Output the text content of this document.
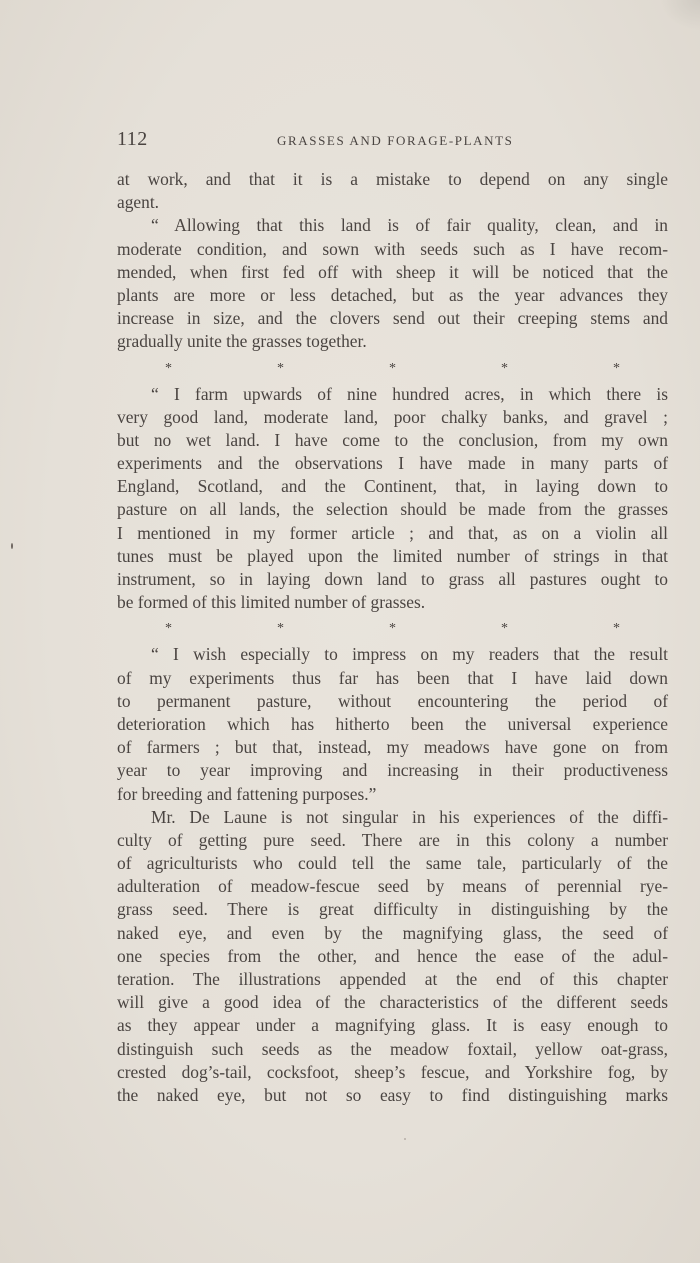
112	GRASSES AND FORAGE-PLANTS
at work, and that it is a mistake to depend on any single
agent.
“ Allowing that this land is of fair quality, clean, and in
moderate condition, and sown with seeds such as I have recom-
mended, when first fed off with sheep it will be noticed that the
plants are more or less detached, but as the year advances they
increase in size, and the clovers send out their creeping stems and
gradually unite the grasses together.
*	*	*	*	*
“ I farm upwards of nine hundred acres, in which there is
very good land, moderate land, poor chalky banks, and gravel ;
but no wet land. I have come to the conclusion, from my own
experiments and the observations I have made in many parts of
England, Scotland, and the Continent, that, in laying down to
pasture on all lands, the selection should be made from the grasses
I mentioned in my former article ; and that, as on a violin all
tunes must be played upon the limited number of strings in that
instrument, so in laying down land to grass all pastures ought to
be formed of this limited number of grasses.
*	*	*	*	*
“ I wish especially to impress on my readers that the result
of my experiments thus far has been that I have laid down
to permanent pasture, without encountering the period of
deterioration which has hitherto been the universal experience
of farmers ; but that, instead, my meadows have gone on from
year to year improving and increasing in their productiveness
for breeding and fattening purposes.”
Mr. De Laune is not singular in his experiences of the diffi-
culty of getting pure seed. There are in this colony a number
of agriculturists who could tell the same tale, particularly of the
adulteration of meadow-fescue seed by means of perennial rye-
grass seed. There is great difficulty in distinguishing by the
naked eye, and even by the magnifying glass, the seed of
one species from the other, and hence the ease of the adul-
teration. The illustrations appended at the end of this chapter
will give a good idea of the characteristics of the different seeds
as they appear under a magnifying glass. It is easy enough to
distinguish such seeds as the meadow foxtail, yellow oat-grass,
crested dog’s-tail, cocksfoot, sheep’s fescue, and Yorkshire fog, by
the naked eye, but not so easy to find distinguishing marks
